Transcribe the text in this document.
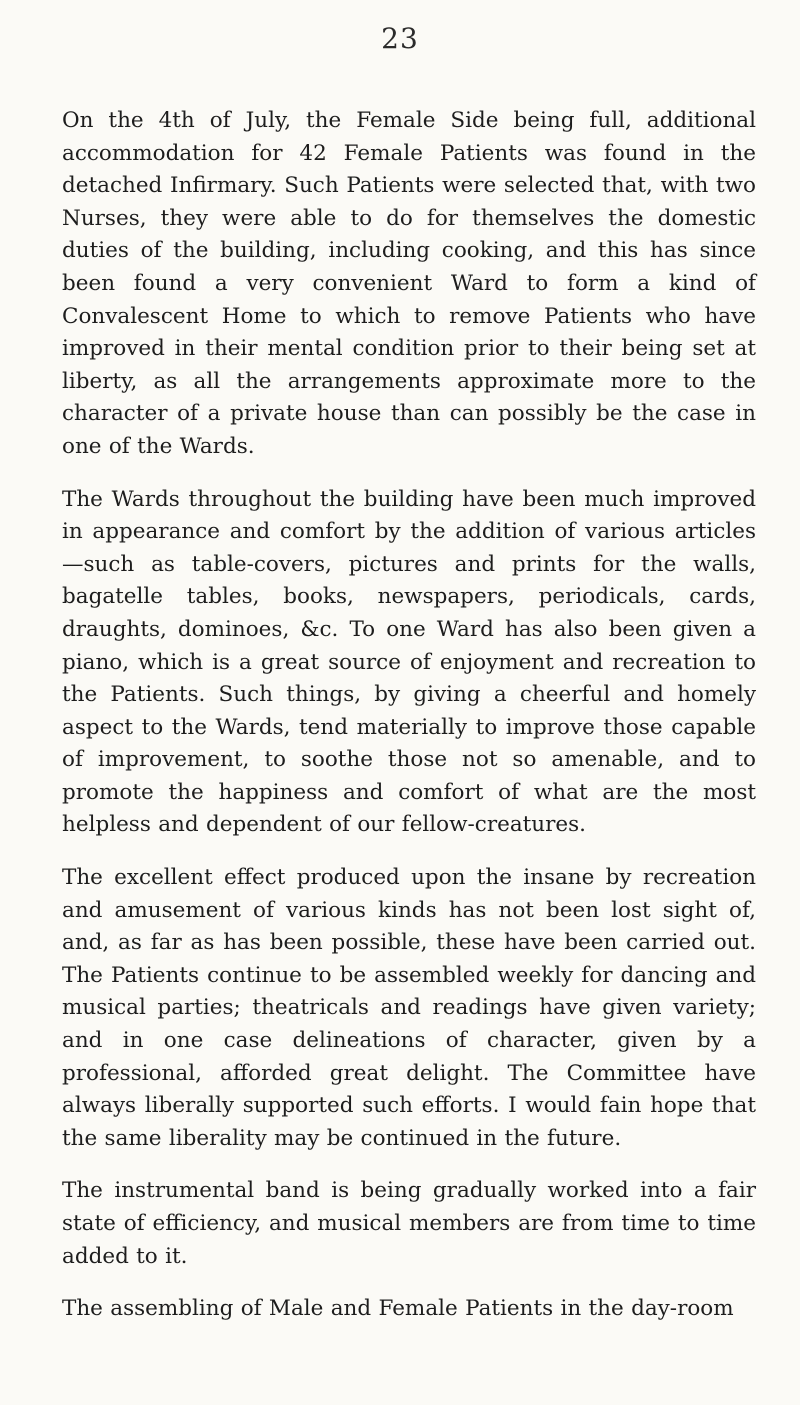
23

On the 4th of July, the Female Side being full, additional accommodation for 42 Female Patients was found in the detached Infirmary. Such Patients were selected that, with two Nurses, they were able to do for themselves the domestic duties of the building, including cooking, and this has since been found a very convenient Ward to form a kind of Convalescent Home to which to remove Patients who have improved in their mental condition prior to their being set at liberty, as all the arrangements approximate more to the character of a private house than can possibly be the case in one of the Wards.

The Wards throughout the building have been much improved in appearance and comfort by the addition of various articles—such as table-covers, pictures and prints for the walls, bagatelle tables, books, newspapers, periodicals, cards, draughts, dominoes, &c. To one Ward has also been given a piano, which is a great source of enjoyment and recreation to the Patients. Such things, by giving a cheerful and homely aspect to the Wards, tend materially to improve those capable of improvement, to soothe those not so amenable, and to promote the happiness and comfort of what are the most helpless and dependent of our fellow-creatures.

The excellent effect produced upon the insane by recreation and amusement of various kinds has not been lost sight of, and, as far as has been possible, these have been carried out. The Patients continue to be assembled weekly for dancing and musical parties; theatricals and readings have given variety; and in one case delineations of character, given by a professional, afforded great delight. The Committee have always liberally supported such efforts. I would fain hope that the same liberality may be continued in the future.

The instrumental band is being gradually worked into a fair state of efficiency, and musical members are from time to time added to it.

The assembling of Male and Female Patients in the day-room
